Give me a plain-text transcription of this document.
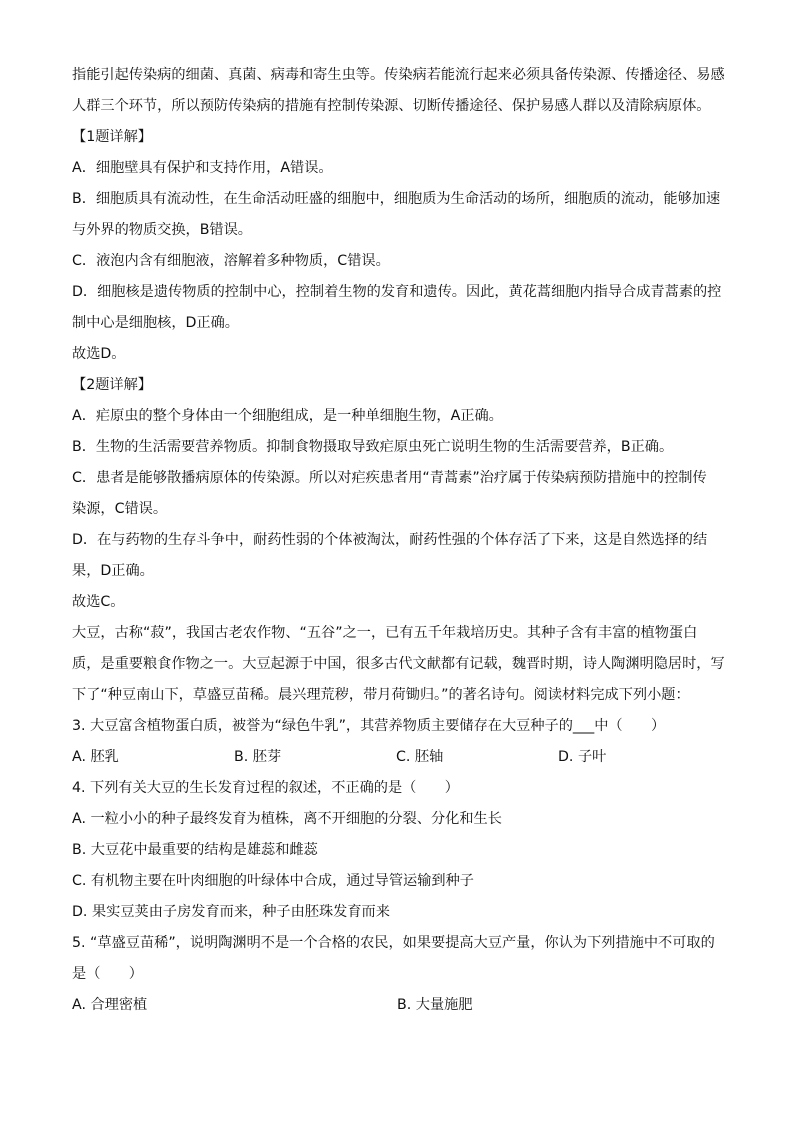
指能引起传染病的细菌、真菌、病毒和寄生虫等。传染病若能流行起来必须具备传染源、传播途径、易感

人群三个环节，所以预防传染病的措施有控制传染源、切断传播途径、保护易感人群以及清除病原体。

【1题详解】

A．细胞壁具有保护和支持作用，A错误。

B．细胞质具有流动性，在生命活动旺盛的细胞中，细胞质为生命活动的场所，细胞质的流动，能够加速

与外界的物质交换，B错误。

C．液泡内含有细胞液，溶解着多种物质，C错误。

D．细胞核是遗传物质的控制中心，控制着生物的发育和遗传。因此，黄花蒿细胞内指导合成青蒿素的控

制中心是细胞核，D正确。

故选D。

【2题详解】

A．疟原虫的整个身体由一个细胞组成，是一种单细胞生物，A正确。

B．生物的生活需要营养物质。抑制食物摄取导致疟原虫死亡说明生物的生活需要营养，B正确。

C．患者是能够散播病原体的传染源。所以对疟疾患者用“青蒿素”治疗属于传染病预防措施中的控制传

染源，C错误。

D．在与药物的生存斗争中，耐药性弱的个体被淘汰，耐药性强的个体存活了下来，这是自然选择的结

果，D正确。

故选C。

大豆，古称“菽”，我国古老农作物、“五谷”之一，已有五千年栽培历史。其种子含有丰富的植物蛋白

质，是重要粮食作物之一。大豆起源于中国，很多古代文献都有记载，魏晋时期，诗人陶渊明隐居时，写

下了“种豆南山下，草盛豆苗稀。晨兴理荒秽，带月荷锄归。”的著名诗句。阅读材料完成下列小题：

3. 大豆富含植物蛋白质，被誉为“绿色牛乳”，其营养物质主要储存在大豆种子的___中（　　）

A. 胚乳	B. 胚芽	C. 胚轴	D. 子叶

4. 下列有关大豆的生长发育过程的叙述，不正确的是（　　）

A. 一粒小小的种子最终发育为植株，离不开细胞的分裂、分化和生长

B. 大豆花中最重要的结构是雄蕊和雌蕊

C. 有机物主要在叶肉细胞的叶绿体中合成，通过导管运输到种子

D. 果实豆荚由子房发育而来，种子由胚珠发育而来

5. “草盛豆苗稀”，说明陶渊明不是一个合格的农民，如果要提高大豆产量，你认为下列措施中不可取的

是（　　）

A. 合理密植	B. 大量施肥
